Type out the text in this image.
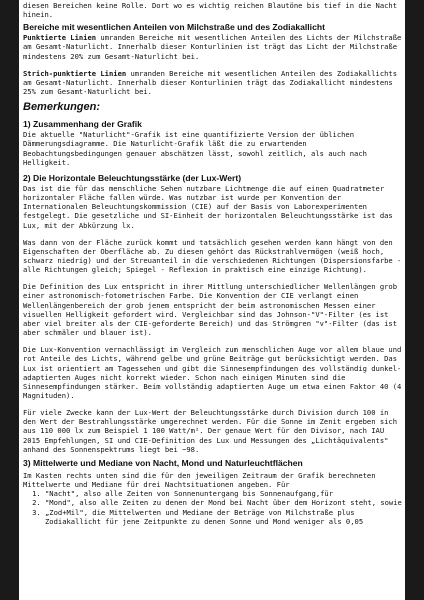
diesen Bereichen keine Rolle. Dort wo es wichtig reichen Blautöne bis tief in die Nacht hinein.

Bereiche mit wesentlichen Anteilen von Milchstraße und des Zodiakallicht

Punktierte Linien umranden Bereiche mit wesentlichen Anteilen des Lichts der Milchstraße am Gesamt-Naturlicht. Innerhalb dieser Konturlinien ist trägt das Licht der Milchstraße mindestens 20% zum Gesamt-Naturlicht bei.

Strich-punktierte Linien umranden Bereiche mit wesentlichen Anteilen des Zodiakallichts am Gesamt-Naturlicht. Innerhalb dieser Konturlinien trägt das Zodiakallicht mindestens 25% zum Gesamt-Naturlicht bei.

Bemerkungen:
1) Zusammenhang der Grafik

Die aktuelle "Naturlicht"-Grafik ist eine quantifizierte Version der üblichen Dämmerungsdiagramme. Die Naturlicht-Grafik läßt die zu erwartenden Beobachtungsbedingungen genauer abschätzen lässt, sowohl zeitlich, als auch nach Helligkeit.

2) Die Horizontale Beleuchtungsstärke (der Lux-Wert)

Das ist die für das menschliche Sehen nutzbare Lichtmenge die auf einen Quadratmeter horizontaler Fläche fallen würde. Was nutzbar ist wurde per Konvention der Internationalen Beleuchtungskommission (CIE) auf der Basis von Laborexperimenten festgelegt. Die gesetzliche und SI-Einheit der horizontalen Beleuchtungsstärke ist das Lux, mit der Abkürzung lx.

Was dann von der Fläche zurück kommt und tatsächlich gesehen werden kann hängt von den Eigenschaften der Oberfläche ab. Zu diesen gehört das Rückstrahlvermögen (weiß hoch, schwarz niedrig) und der Streuanteil in die verschiedenen Richtungen (Dispersionsfarbe - alle Richtungen gleich; Spiegel - Reflexion in praktisch eine einzige Richtung).

Die Definition des Lux entspricht in ihrer Mittlung unterschiedlicher Wellenlängen grob einer astronomisch-fotometrischen Farbe. Die Konvention der CIE verlangt einen Wellenlängenbereich der grob jenem entspricht der beim astronomischen Messen einer visuellen Helligkeit gefordert wird. Vergleichbar sind das Johnson-"V"-Filter (es ist aber viel breiter als der CIE-geforderte Bereich) und das Strömgren "v"-Filter (das ist aber schmäler und blauer ist).

Die Lux-Konvention vernachlässigt im Vergleich zum menschlichen Auge vor allem blaue und rot Anteile des Lichts, während gelbe und grüne Beiträge gut berücksichtigt werden. Das Lux ist orientiert am Tagessehen und gibt die Sinnesempfindungen des vollständig dunkel-adaptierten Auges nicht korrekt wieder. Schon nach einigen Minuten sind die Sinnesempfindungen stärker. Beim vollständig adaptierten Auge um etwa einen Faktor 40 (4 Magnituden).

Für viele Zwecke kann der Lux-Wert der Beleuchtungsstärke durch Division durch 100 in den Wert der Bestrahlungsstärke umgerechnet werden. Für die Sonne im Zenit ergeben sich aus 110 000 lx zum Beispiel 1 100 Watt/m². Der genaue Wert für den Divisor, nach IAU 2015 Empfehlungen, SI und CIE-Definition des Lux und Messungen des „Lichtäquivalents" anhand des Sonnenspektrums liegt bei ~98.

3) Mittelwerte und Mediane von Nacht, Mond und Naturleuchtflächen

Im Kasten rechts unten sind die für den jeweiligen Zeitraum der Grafik berechneten Mittelwerte und Mediane für drei Nachtsituationen angeben. Für

1. "Nacht", also alle Zeiten von Sonnenuntergang bis Sonnenaufgang,für
2. "Mond", also alle Zeiten zu denen der Mond bei Nacht über dem Horizont steht, sowie
3. „Zod+Mil", die Mittelwerten und Mediane der Beträge von Milchstraße plus Zodiakallicht für jene Zeitpunkte zu denen Sonne und Mond weniger als 0,05
